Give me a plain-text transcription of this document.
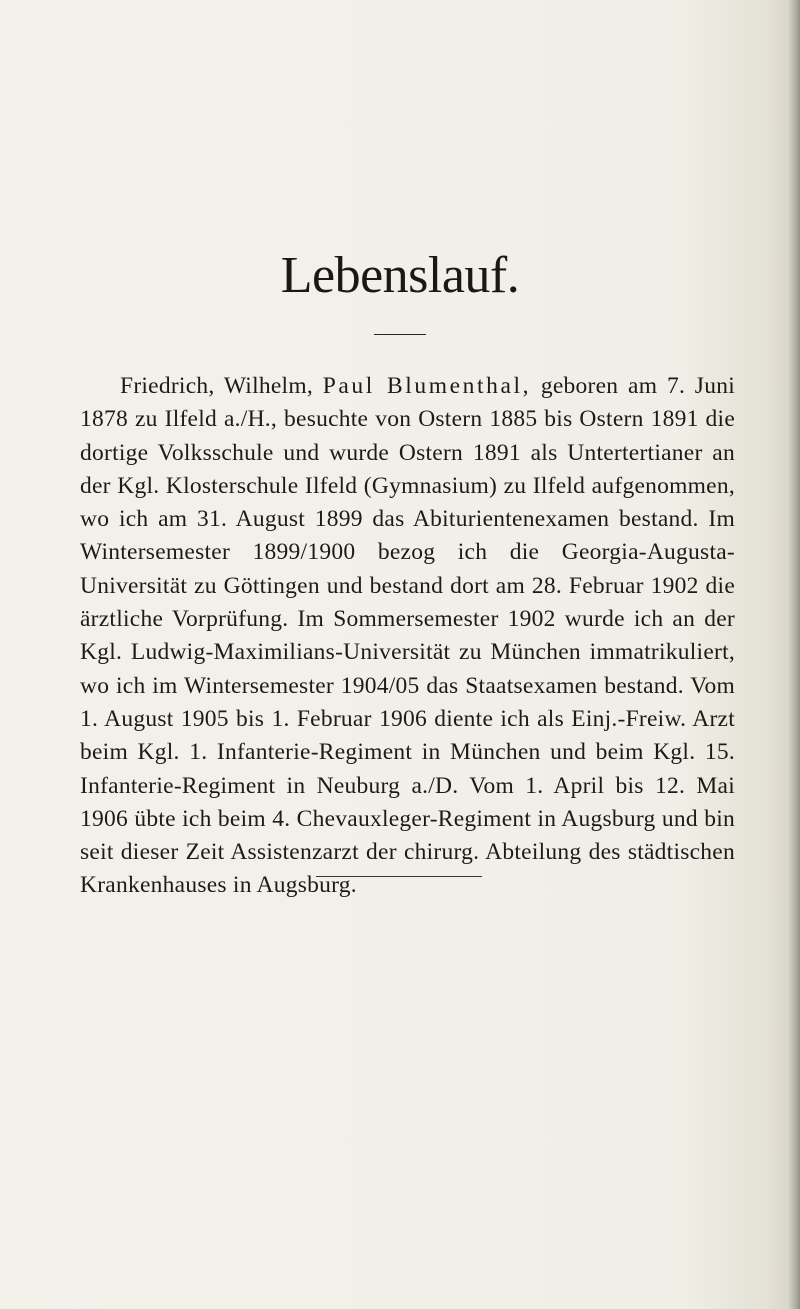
Lebenslauf.

Friedrich, Wilhelm, Paul Blumenthal, geboren am 7. Juni 1878 zu Ilfeld a./H., besuchte von Ostern 1885 bis Ostern 1891 die dortige Volksschule und wurde Ostern 1891 als Untertertianer an der Kgl. Klosterschule Ilfeld (Gymnasium) zu Ilfeld aufgenommen, wo ich am 31. August 1899 das Abiturientenexamen bestand. Im Wintersemester 1899/1900 bezog ich die Georgia-Augusta-Universität zu Göttingen und bestand dort am 28. Februar 1902 die ärztliche Vorprüfung. Im Sommersemester 1902 wurde ich an der Kgl. Ludwig-Maximilians-Universität zu München immatrikuliert, wo ich im Wintersemester 1904/05 das Staatsexamen bestand. Vom 1. August 1905 bis 1. Februar 1906 diente ich als Einj.-Freiw. Arzt beim Kgl. 1. Infanterie-Regiment in München und beim Kgl. 15. Infanterie-Regiment in Neuburg a./D. Vom 1. April bis 12. Mai 1906 übte ich beim 4. Chevauxleger-Regiment in Augsburg und bin seit dieser Zeit Assistenzarzt der chirurg. Abteilung des städtischen Krankenhauses in Augsburg.
